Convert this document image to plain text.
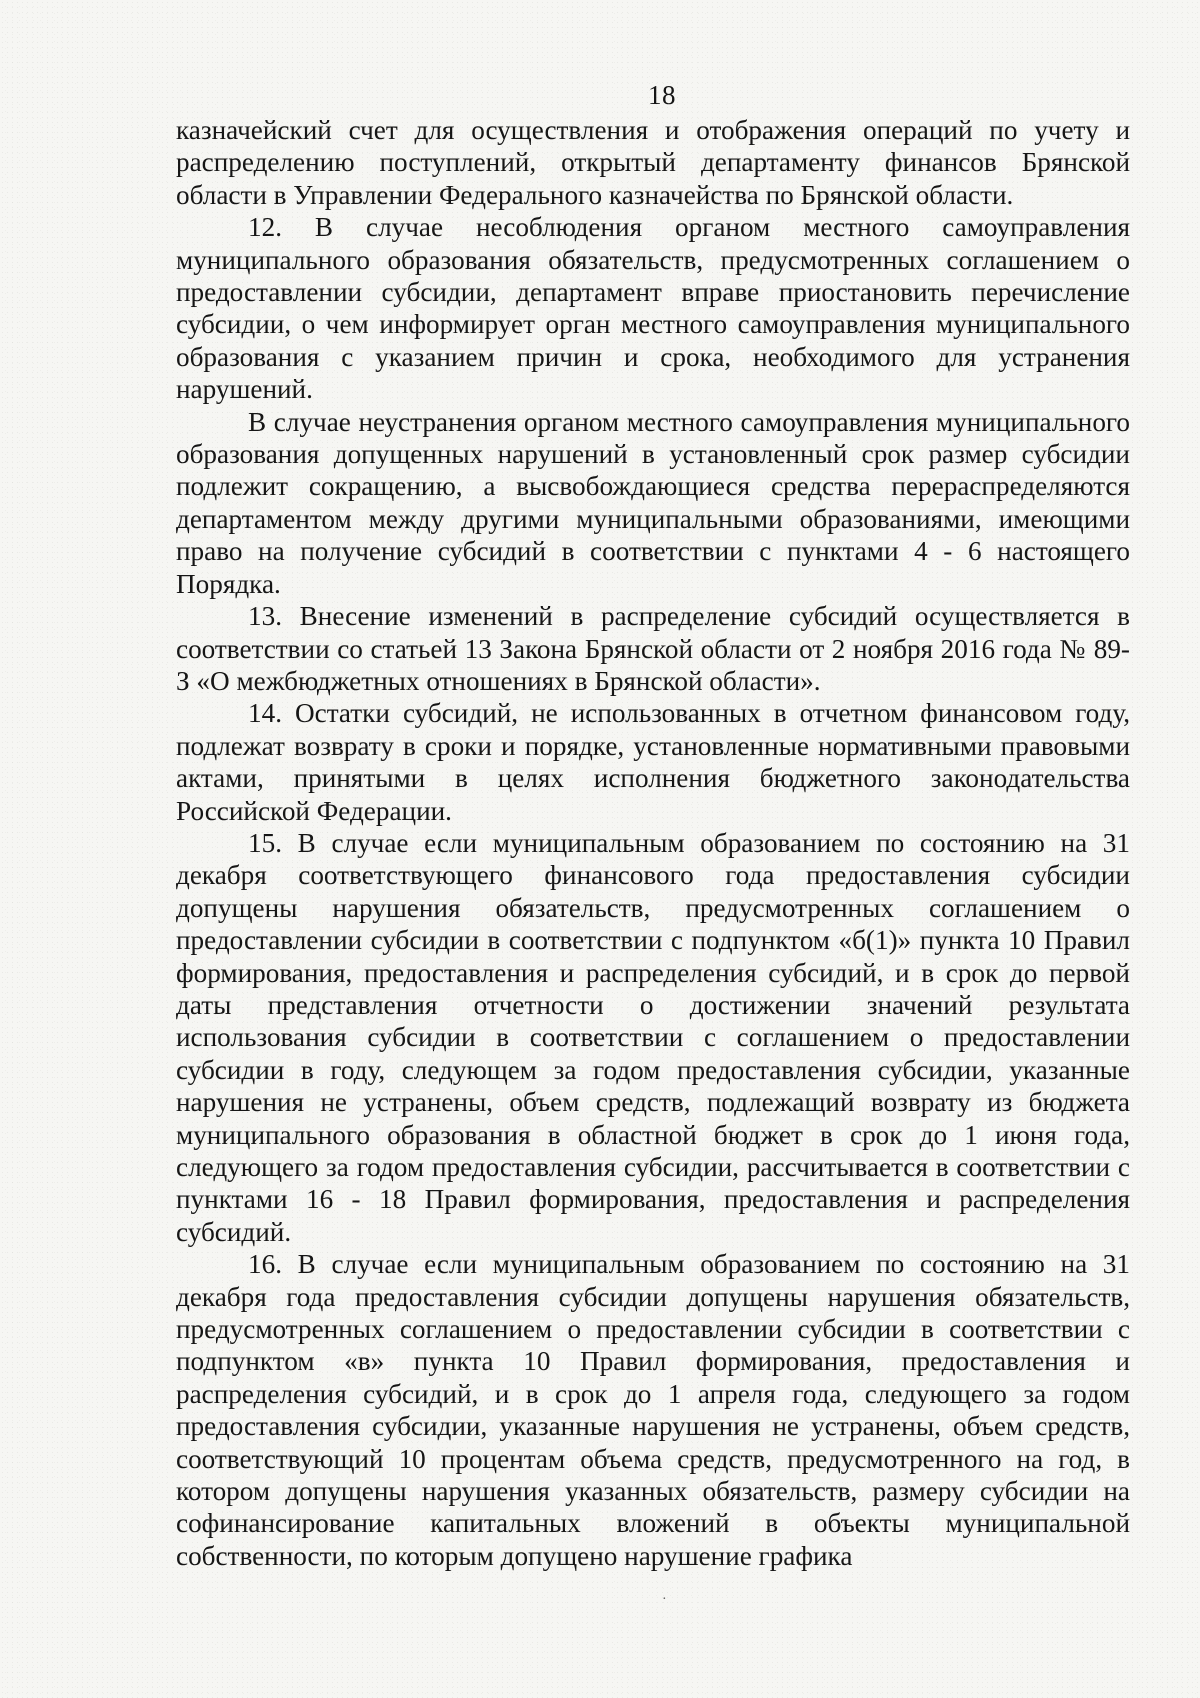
18

казначейский счет для осуществления и отображения операций по учету и распределению поступлений, открытый департаменту финансов Брянской области в Управлении Федерального казначейства по Брянской области.

12. В случае несоблюдения органом местного самоуправления муниципального образования обязательств, предусмотренных соглашением о предоставлении субсидии, департамент вправе приостановить перечисление субсидии, о чем информирует орган местного самоуправления муниципального образования с указанием причин и срока, необходимого для устранения нарушений.

В случае неустранения органом местного самоуправления муниципального образования допущенных нарушений в установленный срок размер субсидии подлежит сокращению, а высвобождающиеся средства перераспределяются департаментом между другими муниципальными образованиями, имеющими право на получение субсидий в соответствии с пунктами 4 - 6 настоящего Порядка.

13. Внесение изменений в распределение субсидий осуществляется в соответствии со статьей 13 Закона Брянской области от 2 ноября 2016 года № 89-З «О межбюджетных отношениях в Брянской области».

14. Остатки субсидий, не использованных в отчетном финансовом году, подлежат возврату в сроки и порядке, установленные нормативными правовыми актами, принятыми в целях исполнения бюджетного законодательства Российской Федерации.

15. В случае если муниципальным образованием по состоянию на 31 декабря соответствующего финансового года предоставления субсидии допущены нарушения обязательств, предусмотренных соглашением о предоставлении субсидии в соответствии с подпунктом «б(1)» пункта 10 Правил формирования, предоставления и распределения субсидий, и в срок до первой даты представления отчетности о достижении значений результата использования субсидии в соответствии с соглашением о предоставлении субсидии в году, следующем за годом предоставления субсидии, указанные нарушения не устранены, объем средств, подлежащий возврату из бюджета муниципального образования в областной бюджет в срок до 1 июня года, следующего за годом предоставления субсидии, рассчитывается в соответствии с пунктами 16 - 18 Правил формирования, предоставления и распределения субсидий.

16. В случае если муниципальным образованием по состоянию на 31 декабря года предоставления субсидии допущены нарушения обязательств, предусмотренных соглашением о предоставлении субсидии в соответствии с подпунктом «в» пункта 10 Правил формирования, предоставления и распределения субсидий, и в срок до 1 апреля года, следующего за годом предоставления субсидии, указанные нарушения не устранены, объем средств, соответствующий 10 процентам объема средств, предусмотренного на год, в котором допущены нарушения указанных обязательств, размеру субсидии на софинансирование капитальных вложений в объекты муниципальной собственности, по которым допущено нарушение графика

·
